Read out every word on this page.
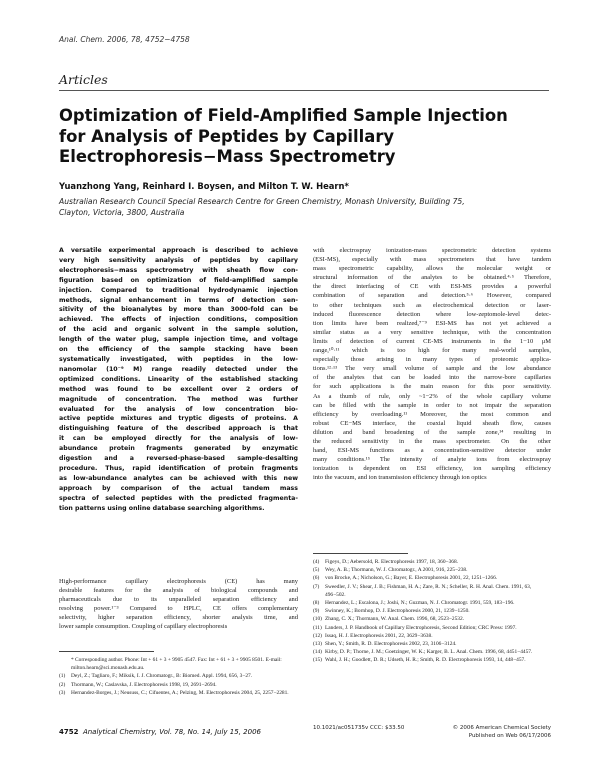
Anal. Chem. 2006, 78, 4752−4758
Articles
Optimization of Field-Amplified Sample Injection
for Analysis of Peptides by Capillary
Electrophoresis−Mass Spectrometry
Yuanzhong Yang, Reinhard I. Boysen, and Milton T. W. Hearn*
Australian Research Council Special Research Centre for Green Chemistry, Monash University, Building 75,
Clayton, Victoria, 3800, Australia
A versatile experimental approach is described to achieve
very high sensitivity analysis of peptides by capillary
electrophoresis−mass spectrometry with sheath flow con-
figuration based on optimization of field-amplified sample
injection. Compared to traditional hydrodynamic injection
methods, signal enhancement in terms of detection sen-
sitivity of the bioanalytes by more than 3000-fold can be
achieved. The effects of injection conditions, composition
of the acid and organic solvent in the sample solution,
length of the water plug, sample injection time, and voltage
on the efficiency of the sample stacking have been
systematically investigated, with peptides in the low-
nanomolar (10⁻⁹ M) range readily detected under the
optimized conditions. Linearity of the established stacking
method was found to be excellent over 2 orders of
magnitude of concentration. The method was further
evaluated for the analysis of low concentration bio-
active peptide mixtures and tryptic digests of proteins. A
distinguishing feature of the described approach is that
it can be employed directly for the analysis of low-
abundance protein fragments generated by enzymatic
digestion and a reversed-phase-based sample-desalting
procedure. Thus, rapid identification of protein fragments
as low-abundance analytes can be achieved with this new
approach by comparison of the actual tandem mass
spectra of selected peptides with the predicted fragmenta-
tion patterns using online database searching algorithms.
High-performance capillary electrophoresis (CE) has many
desirable features for the analysis of biological compounds and
pharmaceuticals due to its unparalleled separation efficiency and
resolving power.¹⁻³ Compared to HPLC, CE offers complementary
selectivity, higher separation efficiency, shorter analysis time, and
lower sample consumption. Coupling of capillary electrophoresis
* Corresponding author. Phone: Int + 61 + 3 + 9905 4547. Fax: Int + 61 + 3 + 9905 8501. E-mail: milton.hearn@sci.monash.edu.au.
(1)	Deyl, Z.; Tagliaro, F.; Miksik, I. J. Chromatogr., B: Biomed. Appl. 1994, 656, 3−27.
(2)	Thormann, W.; Caslavska, J. Electrophoresis 1998, 19, 2691−2694.
(3)	Hernandez-Borges, J.; Neususs, C.; Cifuentes, A.; Pelzing, M. Electrophoresis 2004, 25, 2257−2281.
with electrospray ionization-mass spectrometric detection systems
(ESI-MS), especially with mass spectrometers that have tandem
mass spectrometric capability, allows the molecular weight or
structural information of the analytes to be obtained.⁴·⁵ Therefore,
the direct interfacing of CE with ESI-MS provides a powerful
combination of separation and detection.⁵·⁶ However, compared
to other techniques such as electrochemical detection or laser-
induced fluorescence detection where low-zeptomole-level detec-
tion limits have been realized,⁷⁻⁹ ESI-MS has not yet achieved a
similar status as a very sensitive technique, with the concentration
limits of detection of current CE-MS instruments in the 1−10 μM
range,¹⁰·¹¹ which is too high for many real-world samples,
especially those arising in many types of proteomic applica-
tions.¹²·¹³ The very small volume of sample and the low abundance
of the analytes that can be loaded into the narrow-bore capillaries
for such applications is the main reason for this poor sensitivity.
As a thumb of rule, only ~1−2% of the whole capillary volume
can be filled with the sample in order to not impair the separation
efficiency by overloading.¹¹ Moreover, the most common and
robust CE−MS interface, the coaxial liquid sheath flow, causes
dilution and band broadening of the sample zone,¹⁴ resulting in
the reduced sensitivity in the mass spectrometer. On the other
hand, ESI-MS functions as a concentration-sensitive detector under
many conditions.¹⁵ The intensity of analyte ions from electrospray
ionization is dependent on ESI efficiency, ion sampling efficiency
into the vacuum, and ion transmission efficiency through ion optics
(4)	Figeys, D.; Aebersold, R. Electrophoresis 1997, 18, 360−368.
(5)	Wey, A. B.; Thormann, W. J. Chromatogr., A 2001, 916, 225−238.
(6)	von Brocke, A.; Nicholson, G.; Bayer, E. Electrophoresis 2001, 22, 1251−1266.
(7)	Sweedler, J. V.; Shear, J. B.; Fishman, H. A.; Zare, R. N.; Scheller, R. H. Anal. Chem. 1991, 63, 496−502.
(8)	Hernandez, L.; Escalona, J.; Joshi, N.; Guzman, N. J. Chromatogr. 1991, 559, 183−196.
(9)	Swinney, K.; Bornhop, D. J. Electrophoresis 2000, 21, 1239−1250.
(10) Zhang, C. X.; Thormann, W. Anal. Chem. 1996, 68, 2523−2532.
(11) Landers, J. P. Handbook of Capillary Electrophoresis, Second Edition; CRC Press: 1997.
(12) Issaq, H. J. Electrophoresis 2001, 22, 3629−3638.
(13) Shen, Y.; Smith, R. D. Electrophoresis 2002, 23, 3106−3124.
(14) Kirby, D. P.; Thorne, J. M.; Goetzinger, W. K.; Karger, B. L. Anal. Chem. 1996, 68, 4451−4457.
(15) Wahl, J. H.; Goodlett, D. R.; Udseth, H. R.; Smith, R. D. Electrophoresis 1993, 14, 448−457.
4752 Analytical Chemistry, Vol. 78, No. 14, July 15, 2006	10.1021/ac051735v CCC: $33.50	© 2006 American Chemical Society
Published on Web 06/17/2006
